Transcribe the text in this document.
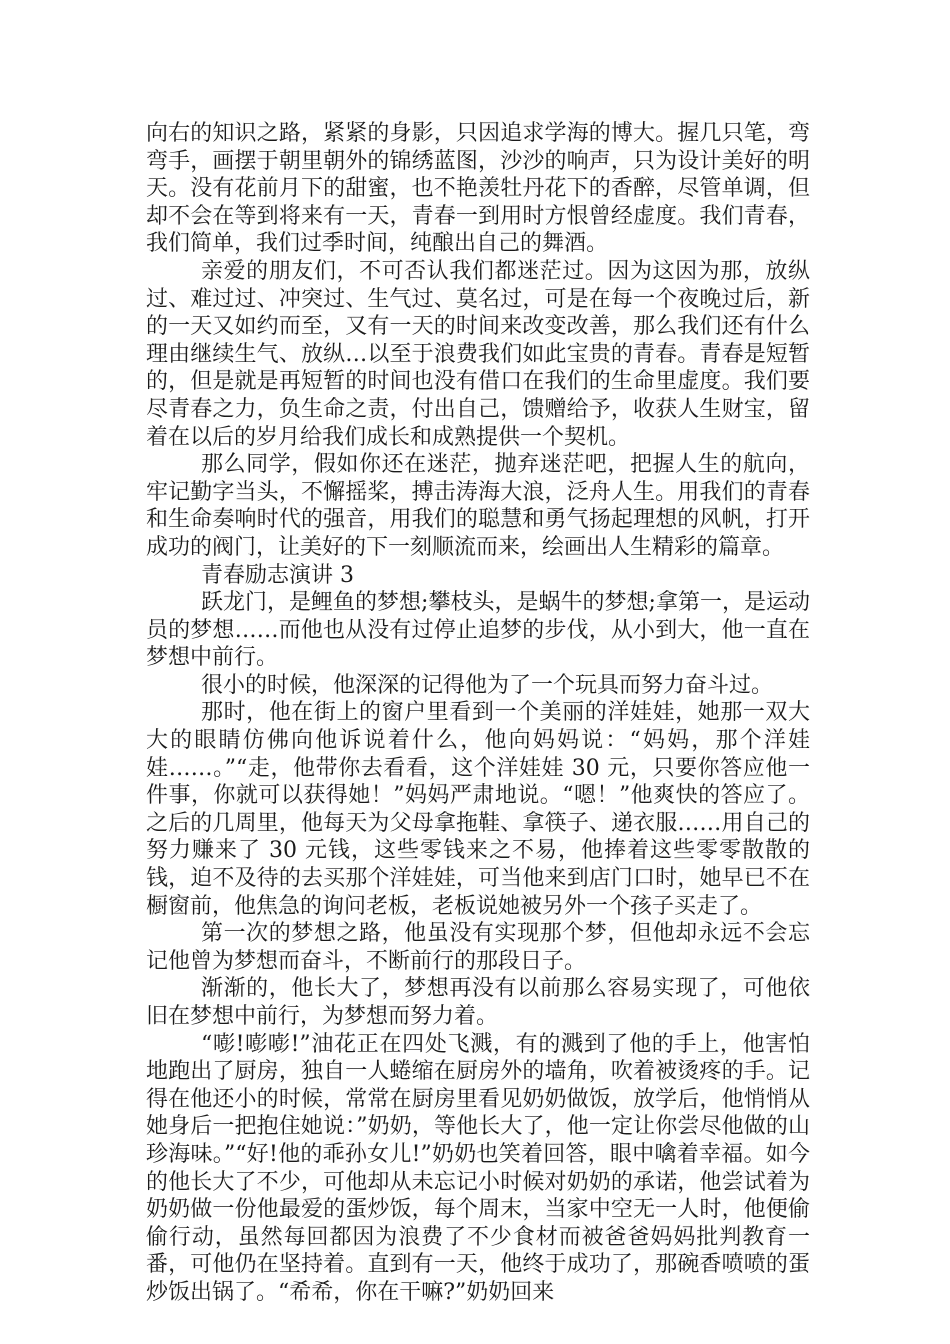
向右的知识之路，紧紧的身影，只因追求学海的博大。握几只笔，弯弯手，画摆于朝里朝外的锦绣蓝图，沙沙的响声，只为设计美好的明天。没有花前月下的甜蜜，也不艳羡牡丹花下的香醉，尽管单调，但却不会在等到将来有一天，青春一到用时方恨曾经虚度。我们青春，我们简单，我们过季时间，纯酿出自己的舞酒。

亲爱的朋友们，不可否认我们都迷茫过。因为这因为那，放纵过、难过过、冲突过、生气过、莫名过，可是在每一个夜晚过后，新的一天又如约而至，又有一天的时间来改变改善，那么我们还有什么理由继续生气、放纵…以至于浪费我们如此宝贵的青春。青春是短暂的，但是就是再短暂的时间也没有借口在我们的生命里虚度。我们要尽青春之力，负生命之责，付出自己，馈赠给予，收获人生财宝，留着在以后的岁月给我们成长和成熟提供一个契机。

那么同学，假如你还在迷茫，抛弃迷茫吧，把握人生的航向，牢记勤字当头，不懈摇桨，搏击涛海大浪，泛舟人生。用我们的青春和生命奏响时代的强音，用我们的聪慧和勇气扬起理想的风帆，打开成功的阀门，让美好的下一刻顺流而来，绘画出人生精彩的篇章。

青春励志演讲 3

跃龙门，是鲤鱼的梦想;攀枝头，是蜗牛的梦想;拿第一，是运动员的梦想……而他也从没有过停止追梦的步伐，从小到大，他一直在梦想中前行。

很小的时候，他深深的记得他为了一个玩具而努力奋斗过。

那时，他在街上的窗户里看到一个美丽的洋娃娃，她那一双大大的眼睛仿佛向他诉说着什么，他向妈妈说：“妈妈，那个洋娃娃……。”“走，他带你去看看，这个洋娃娃 30 元，只要你答应他一件事，你就可以获得她！”妈妈严肃地说。“嗯！”他爽快的答应了。之后的几周里，他每天为父母拿拖鞋、拿筷子、递衣服……用自己的努力赚来了 30 元钱，这些零钱来之不易，他捧着这些零零散散的钱，迫不及待的去买那个洋娃娃，可当他来到店门口时，她早已不在橱窗前，他焦急的询问老板，老板说她被另外一个孩子买走了。

第一次的梦想之路，他虽没有实现那个梦，但他却永远不会忘记他曾为梦想而奋斗，不断前行的那段日子。

渐渐的，他长大了，梦想再没有以前那么容易实现了，可他依旧在梦想中前行，为梦想而努力着。

“嘭!嘭嘭!”油花正在四处飞溅，有的溅到了他的手上，他害怕地跑出了厨房，独自一人蜷缩在厨房外的墙角，吹着被烫疼的手。记得在他还小的时候，常常在厨房里看见奶奶做饭，放学后，他悄悄从她身后一把抱住她说：”奶奶，等他长大了，他一定让你尝尽他做的山珍海味。”“好!他的乖孙女儿!”奶奶也笑着回答，眼中噙着幸福。如今的他长大了不少，可他却从未忘记小时候对奶奶的承诺，他尝试着为奶奶做一份他最爱的蛋炒饭，每个周末，当家中空无一人时，他便偷偷行动，虽然每回都因为浪费了不少食材而被爸爸妈妈批判教育一番，可他仍在坚持着。直到有一天，他终于成功了，那碗香喷喷的蛋炒饭出锅了。“希希，你在干嘛?”奶奶回来
